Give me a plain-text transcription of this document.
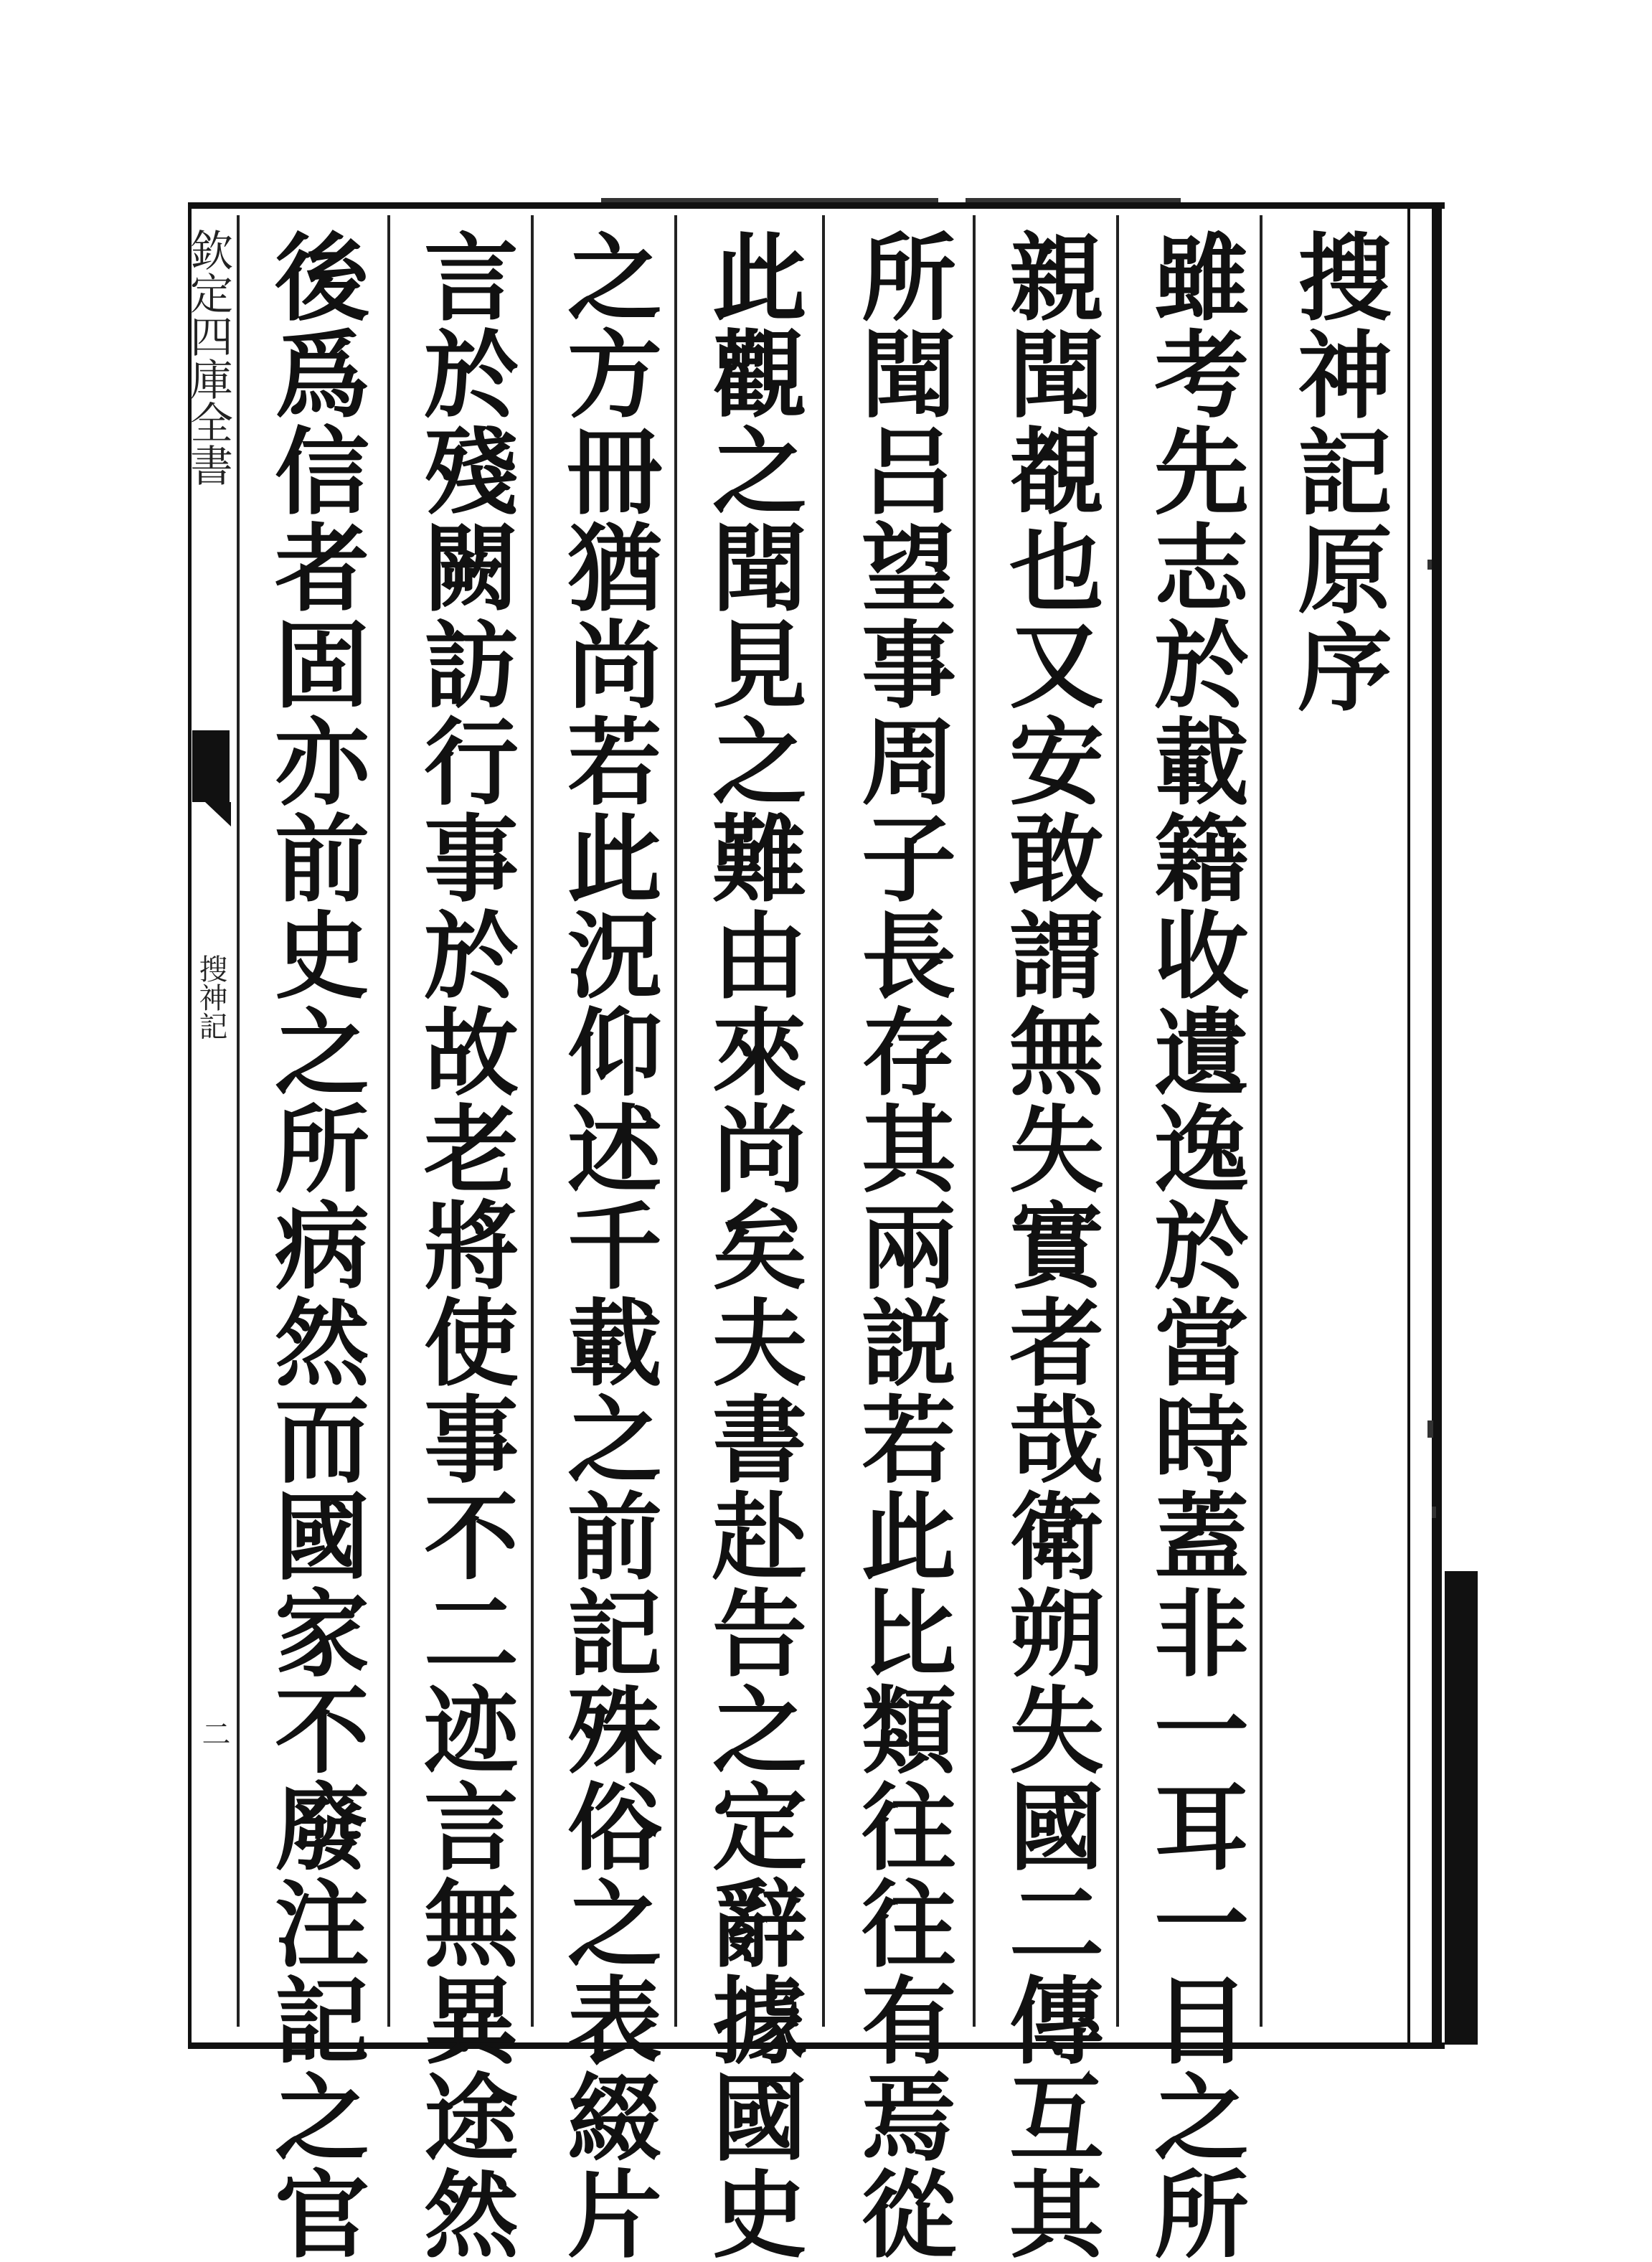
搜神記原序
雖考先志於載籍收遺逸於當時蓋非一耳一目之所
親聞覩也又安敢謂無失實者哉衛朔失國二傳互其
所聞吕望事周子長存其兩説若此比類往往有焉從
此觀之聞見之難由來尚矣夫書赴告之定辭據國史
之方冊猶尚若此況仰述千載之前記殊俗之表綴片
言於殘闕訪行事於故老將使事不二迹言無異途然
後爲信者固亦前史之所病然而國家不廢注記之官
欽定四庫全書
搜神記
二
